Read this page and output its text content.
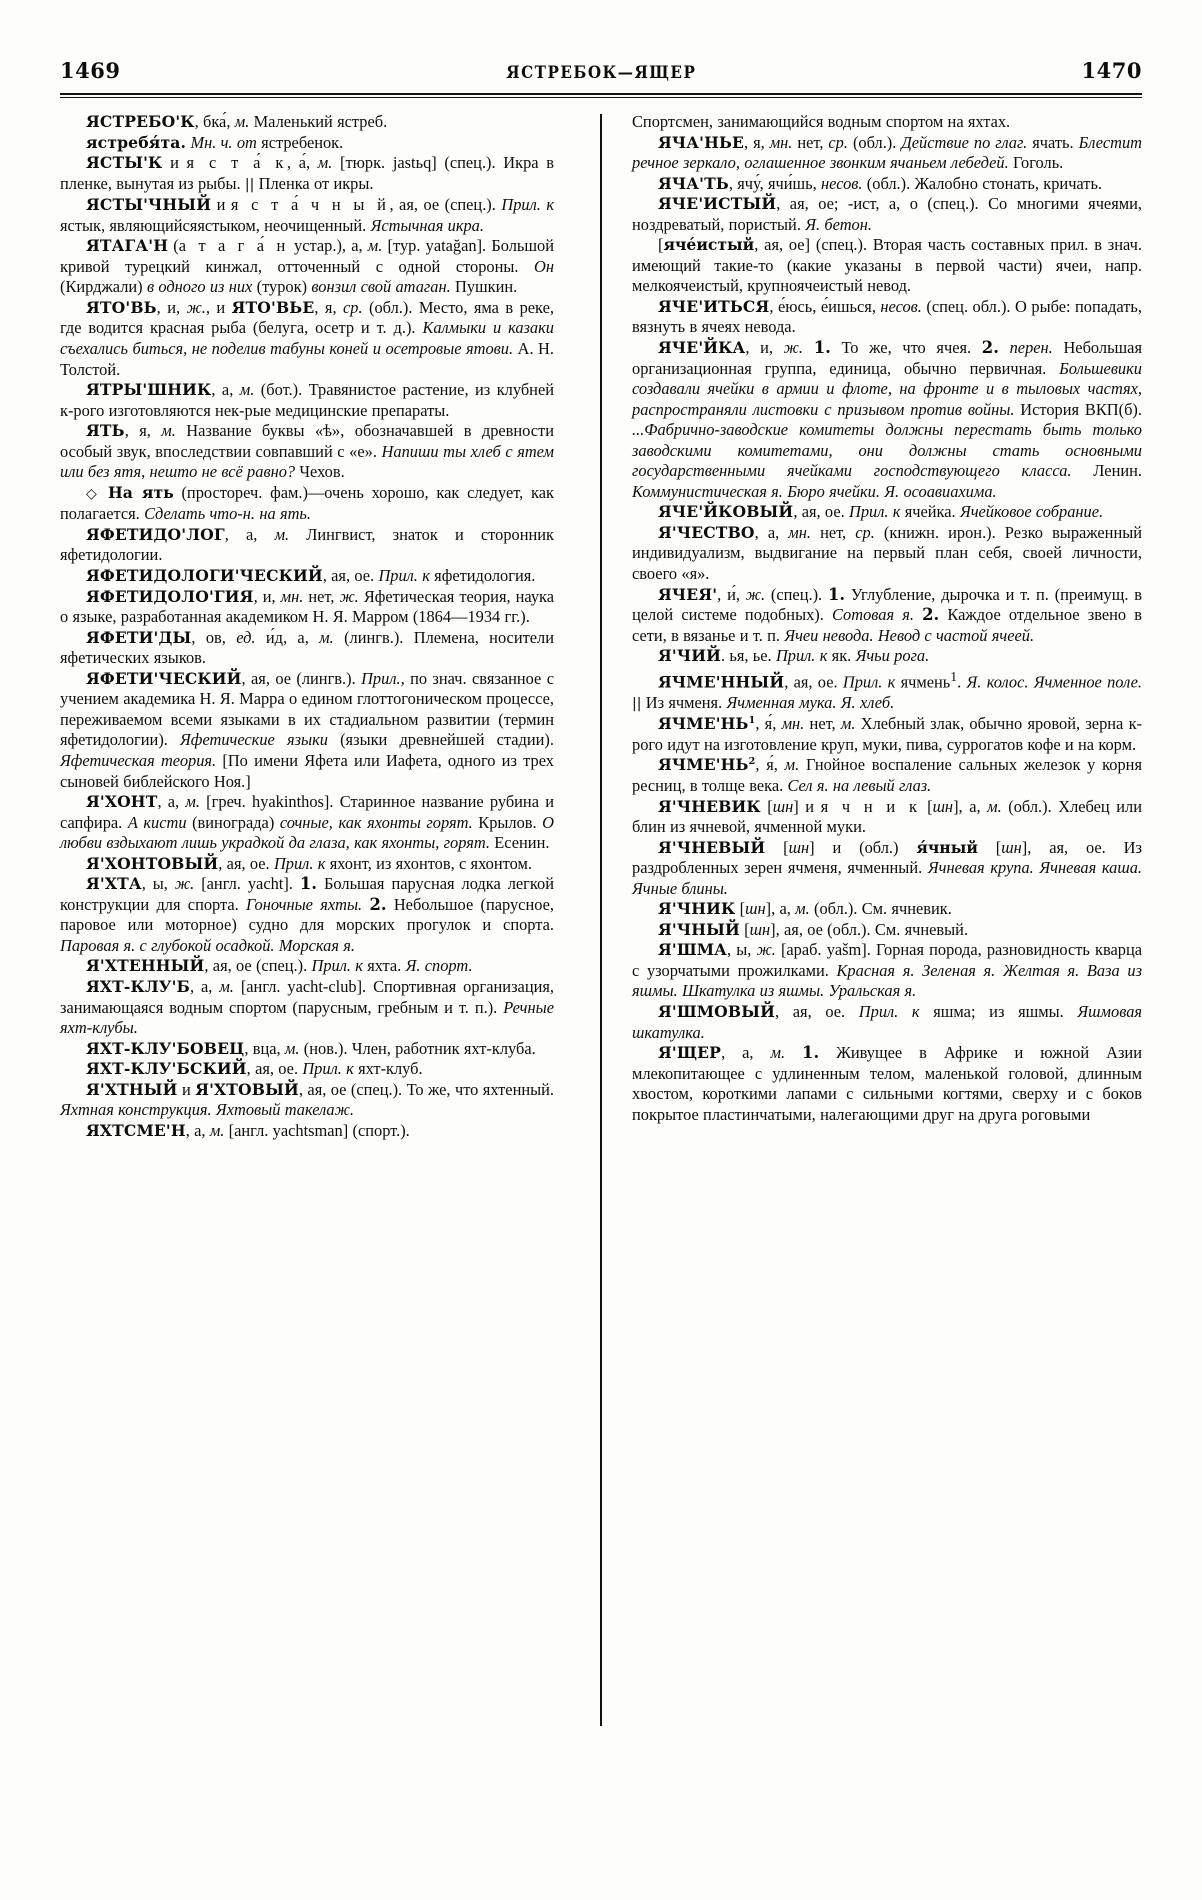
1469	ЯСТРЕБОК—ЯЩЕР	1470

ЯСТРЕБО'К, бка́, м. Маленький ястреб.

ястребя́та. Мн. ч. от ястребенок.

ЯСТЫ'К и я с т а́ к, а́, м. [тюрк. jastьq] (спец.). Икра в пленке, вынутая из рыбы. || Пленка от икры.

ЯСТЫ'ЧНЫЙ и я с т а́ ч н ы й, ая, ое (спец.). Прил. к ястык, являющийсяястыком, неочищенный. Ястычная икра.

ЯТАГА'Н (а т а г а́ н устар.), а, м. [тур. yatağan]. Большой кривой турецкий кинжал, отточенный с одной стороны. Он (Кирджали) в одного из них (турок) вонзил свой атаган. Пушкин.

ЯТО'ВЬ, и, ж., и ЯТО'ВЬЕ, я, ср. (обл.). Место, яма в реке, где водится красная рыба (белуга, осетр и т. д.). Калмыки и казаки съехались биться, не поделив табуны коней и осетровые ятови. А. Н. Толстой.

ЯТРЫ'ШНИК, а, м. (бот.). Травянистое растение, из клубней к-рого изготовляются нек-рые медицинские препараты.

ЯТЬ, я, м. Название буквы «ѣ», обозначавшей в древности особый звук, впоследствии совпавший с «е». Напиши ты хлеб с ятем или без ятя, нешто не всё равно? Чехов.

◇ На ять (простореч. фам.)—очень хорошо, как следует, как полагается. Сделать что-н. на ять.

ЯФЕТИДО'ЛОГ, а, м. Лингвист, знаток и сторонник яфетидологии.

ЯФЕТИДОЛОГИ'ЧЕСКИЙ, ая, ое. Прил. к яфетидология.

ЯФЕТИДОЛО'ГИЯ, и, мн. нет, ж. Яфетическая теория, наука о языке, разработанная академиком Н. Я. Марром (1864—1934 гг.).

ЯФЕТИ'ДЫ, ов, ед. и́д, а, м. (лингв.). Племена, носители яфетических языков.

ЯФЕТИ'ЧЕСКИЙ, ая, ое (лингв.). Прил., по знач. связанное с учением академика Н. Я. Марра о едином глоттогоническом процессе, переживаемом всеми языками в их стадиальном развитии (термин яфетидологии). Яфетические языки (языки древнейшей стадии). Яфетическая теория. [По имени Яфета или Иафета, одного из трех сыновей библейского Ноя.]

Я'ХОНТ, а, м. [греч. hyakinthos]. Старинное название рубина и сапфира. А кисти (винограда) сочные, как яхонты горят. Крылов. О любви вздыхают лишь украдкой да глаза, как яхонты, горят. Есенин.

Я'ХОНТОВЫЙ, ая, ое. Прил. к яхонт, из яхонтов, с яхонтом.

Я'ХТА, ы, ж. [англ. yacht]. 1. Большая парусная лодка легкой конструкции для спорта. Гоночные яхты. 2. Небольшое (парусное, паровое или моторное) судно для морских прогулок и спорта. Паровая я. с глубокой осадкой. Морская я.

Я'ХТЕННЫЙ, ая, ое (спец.). Прил. к яхта. Я. спорт.

ЯХТ-КЛУ'Б, а, м. [англ. yacht-club]. Спортивная организация, занимающаяся водным спортом (парусным, гребным и т. п.). Речные яхт-клубы.

ЯХТ-КЛУ'БОВЕЦ, вца, м. (нов.). Член, работник яхт-клуба.

ЯХТ-КЛУ'БСКИЙ, ая, ое. Прил. к яхт-клуб.

Я'ХТНЫЙ и Я'ХТОВЫЙ, ая, ое (спец.). То же, что яхтенный. Яхтная конструкция. Яхтовый такелаж.

ЯХТСМЕ'Н, а, м. [англ. yachtsman] (спорт.).

Спортсмен, занимающийся водным спортом на яхтах.

ЯЧА'НЬЕ, я, мн. нет, ср. (обл.). Действие по глаг. ячать. Блестит речное зеркало, оглашенное звонким ячаньем лебедей. Гоголь.

ЯЧА'ТЬ, ячу́, ячи́шь, несов. (обл.). Жалобно стонать, кричать.

ЯЧЕ'ИСТЫЙ, ая, ое; -ист, а, о (спец.). Со многими ячеями, ноздреватый, пористый. Я. бетон.

[яче́истый, ая, ое] (спец.). Вторая часть составных прил. в знач. имеющий такие-то (какие указаны в первой части) ячеи, напр. мелкоячеистый, крупноячеистый невод.

ЯЧЕ'ИТЬСЯ, е́юсь, е́ишься, несов. (спец. обл.). О рыбе: попадать, вязнуть в ячеях невода.

ЯЧЕ'ЙКА, и, ж. 1. То же, что ячея. 2. перен. Небольшая организационная группа, единица, обычно первичная. Большевики создавали ячейки в армии и флоте, на фронте и в тыловых частях, распространяли листовки с призывом против войны. История ВКП(б). ...Фабрично-заводские комитеты должны перестать быть только заводскими комитетами, они должны стать основными государственными ячейками господствующего класса. Ленин. Коммунистическая я. Бюро ячейки. Я. осоавиахима.

ЯЧЕ'ЙКОВЫЙ, ая, ое. Прил. к ячейка. Ячейковое собрание.

Я'ЧЕСТВО, а, мн. нет, ср. (книжн. ирон.). Резко выраженный индивидуализм, выдвигание на первый план себя, своей личности, своего «я».

ЯЧЕЯ', и́, ж. (спец.). 1. Углубление, дырочка и т. п. (преимущ. в целой системе подобных). Сотовая я. 2. Каждое отдельное звено в сети, в вязанье и т. п. Ячеи невода. Невод с частой ячеей.

Я'ЧИЙ. ья, ье. Прил. к як. Ячьи рога.

ЯЧМЕ'ННЫЙ, ая, ое. Прил. к ячмень$^1$. Я. колос. Ячменное поле. || Из ячменя. Ячменная мука. Я. хлеб.

$ЯЧМЕ'НЬ^1$, я́, мн. нет, м. Хлебный злак, обычно яровой, зерна к-рого идут на изготовление круп, муки, пива, суррогатов кофе и на корм.

$ЯЧМЕ'НЬ^2$, я́, м. Гнойное воспаление сальных железок у корня ресниц, в толще века. Сел я. на левый глаз.

Я'ЧНЕВИК [шн] и я ч н и к [шн], а, м. (обл.). Хлебец или блин из ячневой, ячменной муки.

Я'ЧНЕВЫЙ [шн] и (обл.) я́чный [шн], ая, ое. Из раздробленных зерен ячменя, ячменный. Ячневая крупа. Ячневая каша. Ячные блины.

Я'ЧНИК [шн], а, м. (обл.). См. ячневик.

Я'ЧНЫЙ [шн], ая, ое (обл.). См. ячневый.

Я'ШМА, ы, ж. [араб. yašm]. Горная порода, разновидность кварца с узорчатыми прожилками. Красная я. Зеленая я. Желтая я. Ваза из яшмы. Шкатулка из яшмы. Уральская я.

Я'ШМОВЫЙ, ая, ое. Прил. к яшма; из яшмы. Яшмовая шкатулка.

Я'ЩЕР, а, м. 1. Живущее в Африке и южной Азии млекопитающее с удлиненным телом, маленькой головой, длинным хвостом, короткими лапами с сильными когтями, сверху и с боков покрытое пластинчатыми, налегающими друг на друга роговыми
